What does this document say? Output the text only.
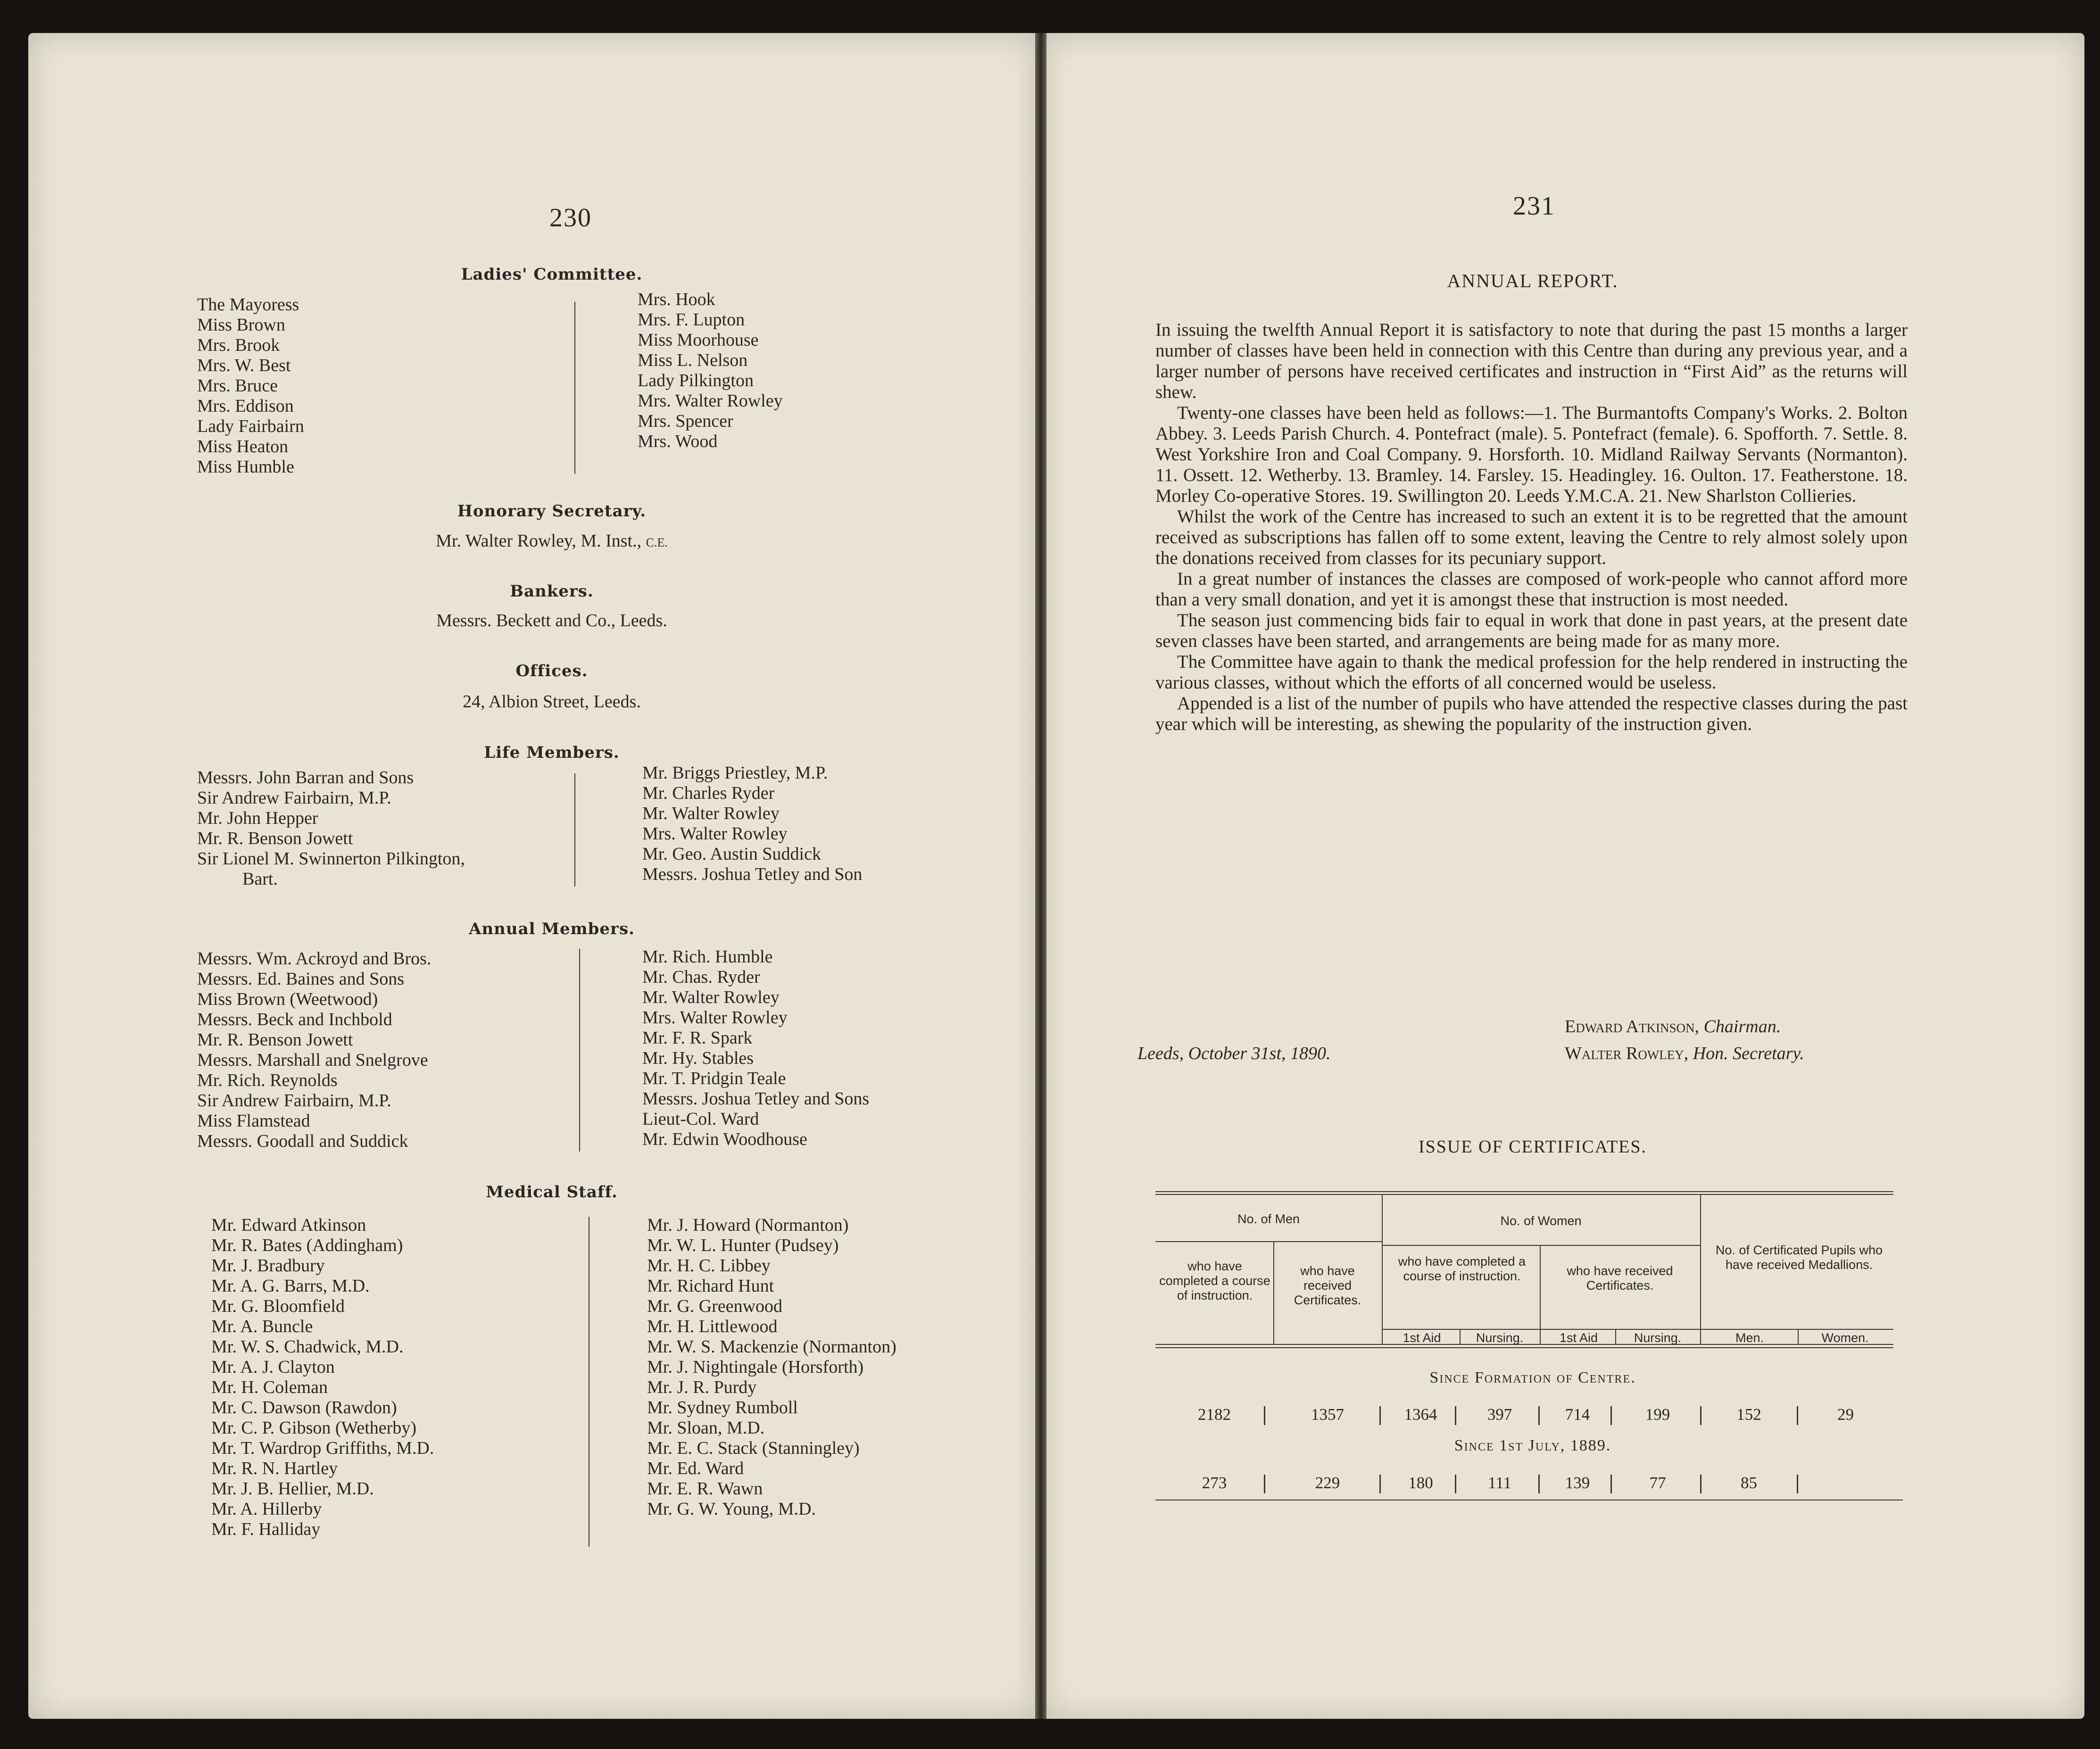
230
Ladies' Committee.
The Mayoress
Miss Brown
Mrs. Brook
Mrs. W. Best
Mrs. Bruce
Mrs. Eddison
Lady Fairbairn
Miss Heaton
Miss Humble
Mrs. Hook
Mrs. F. Lupton
Miss Moorhouse
Miss L. Nelson
Lady Pilkington
Mrs. Walter Rowley
Mrs. Spencer
Mrs. Wood
Honorary Secretary.
Mr. Walter Rowley, M. Inst., C.E.
Bankers.
Messrs. Beckett and Co., Leeds.
Offices.
24, Albion Street, Leeds.
Life Members.
Messrs. John Barran and Sons
Sir Andrew Fairbairn, M.P.
Mr. John Hepper
Mr. R. Benson Jowett
Sir Lionel M. Swinnerton Pilkington,
Bart.
Mr. Briggs Priestley, M.P.
Mr. Charles Ryder
Mr. Walter Rowley
Mrs. Walter Rowley
Mr. Geo. Austin Suddick
Messrs. Joshua Tetley and Son
Annual Members.
Messrs. Wm. Ackroyd and Bros.
Messrs. Ed. Baines and Sons
Miss Brown (Weetwood)
Messrs. Beck and Inchbold
Mr. R. Benson Jowett
Messrs. Marshall and Snelgrove
Mr. Rich. Reynolds
Sir Andrew Fairbairn, M.P.
Miss Flamstead
Messrs. Goodall and Suddick
Mr. Rich. Humble
Mr. Chas. Ryder
Mr. Walter Rowley
Mrs. Walter Rowley
Mr. F. R. Spark
Mr. Hy. Stables
Mr. T. Pridgin Teale
Messrs. Joshua Tetley and Sons
Lieut-Col. Ward
Mr. Edwin Woodhouse
Medical Staff.
Mr. Edward Atkinson
Mr. R. Bates (Addingham)
Mr. J. Bradbury
Mr. A. G. Barrs, M.D.
Mr. G. Bloomfield
Mr. A. Buncle
Mr. W. S. Chadwick, M.D.
Mr. A. J. Clayton
Mr. H. Coleman
Mr. C. Dawson (Rawdon)
Mr. C. P. Gibson (Wetherby)
Mr. T. Wardrop Griffiths, M.D.
Mr. R. N. Hartley
Mr. J. B. Hellier, M.D.
Mr. A. Hillerby
Mr. F. Halliday
Mr. J. Howard (Normanton)
Mr. W. L. Hunter (Pudsey)
Mr. H. C. Libbey
Mr. Richard Hunt
Mr. G. Greenwood
Mr. H. Littlewood
Mr. W. S. Mackenzie (Normanton)
Mr. J. Nightingale (Horsforth)
Mr. J. R. Purdy
Mr. Sydney Rumboll
Mr. Sloan, M.D.
Mr. E. C. Stack (Stanningley)
Mr. Ed. Ward
Mr. E. R. Wawn
Mr. G. W. Young, M.D.
231
ANNUAL REPORT.

In issuing the twelfth Annual Report it is satisfactory to note that during the past 15 months a larger number of classes have been held in connection with this Centre than during any previous year, and a larger number of persons have received certificates and instruction in “First Aid” as the returns will shew.

Twenty-one classes have been held as follows:—1. The Burmantofts Company's Works. 2. Bolton Abbey. 3. Leeds Parish Church. 4. Pontefract (male). 5. Pontefract (female). 6. Spofforth. 7. Settle. 8. West Yorkshire Iron and Coal Company. 9. Horsforth. 10. Midland Railway Servants (Normanton). 11. Ossett. 12. Wetherby. 13. Bramley. 14. Farsley. 15. Headingley. 16. Oulton. 17. Featherstone. 18. Morley Co-operative Stores. 19. Swillington 20. Leeds Y.M.C.A. 21. New Sharlston Collieries.

Whilst the work of the Centre has increased to such an extent it is to be regretted that the amount received as subscriptions has fallen off to some extent, leaving the Centre to rely almost solely upon the donations received from classes for its pecuniary support.

In a great number of instances the classes are composed of work-people who cannot afford more than a very small donation, and yet it is amongst these that instruction is most needed.

The season just commencing bids fair to equal in work that done in past years, at the present date seven classes have been started, and arrangements are being made for as many more.

The Committee have again to thank the medical profession for the help rendered in instructing the various classes, without which the efforts of all concerned would be useless.

Appended is a list of the number of pupils who have attended the respective classes during the past year which will be interesting, as shewing the popularity of the instruction given.

Edward Atkinson, Chairman.
Leeds, October 31st, 1890.	Walter Rowley, Hon. Secretary.
ISSUE OF CERTIFICATES.
No. of Men	No. of Women
who have completed a course of instruction.
who have received Certificates.
who have completed a course of instruction.	who have received Certificates.
No. of Certificated Pupils who have received Medallions.
1st Aid	Nursing.	1st Aid	Nursing.	Men.	Women.
Since Formation of Centre.
2182	1357	1364	397	714	199	152	29
Since 1st July, 1889.
273	229	180	111	139	77	85
